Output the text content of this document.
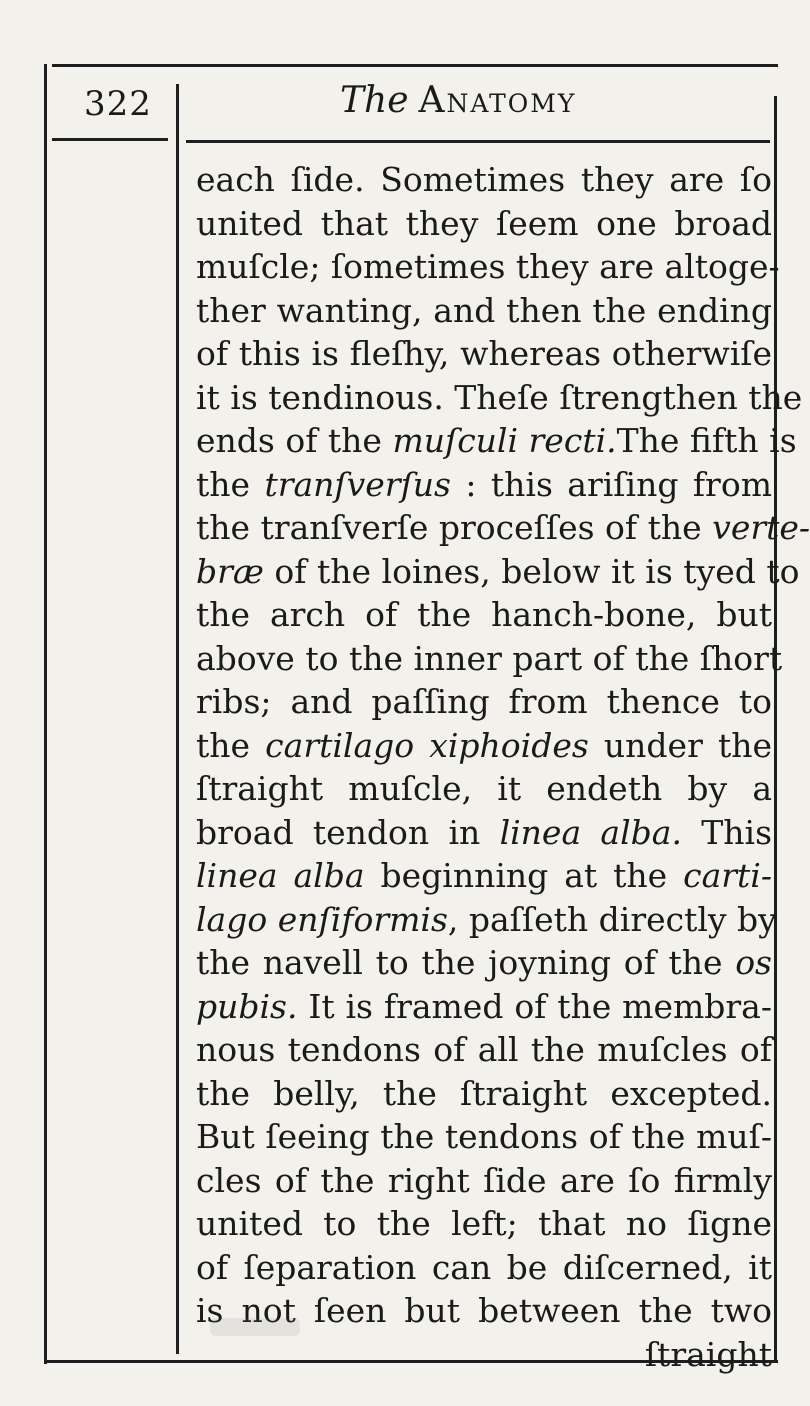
322	The Anatomy
each ſide. Sometimes they are ſo
united that they ſeem one broad
muſcle; ſometimes they are altoge-
ther wanting, and then the ending
of this is fleſhy, whereas otherwiſe
it is tendinous. Theſe ſtrengthen the
ends of the muſculi recti.The fifth is
the tranſverſus : this ariſing from
the tranſverſe proceſſes of the verte-
bræ of the loines, below it is tyed to
the arch of the hanch-bone, but
above to the inner part of the ſhort
ribs; and paſſing from thence to
the cartilago xiphoides under the
ſtraight muſcle, it endeth by a
broad tendon in linea alba. This
linea alba beginning at the carti-
lago enſiformis, paſſeth directly by
the navell to the joyning of the os
pubis. It is framed of the membra-
nous tendons of all the muſcles of
the belly, the ſtraight excepted.
But ſeeing the tendons of the muſ-
cles of the right ſide are ſo firmly
united to the left; that no ſigne
of ſeparation can be diſcerned, it
is not ſeen but between the two
ſtraight
